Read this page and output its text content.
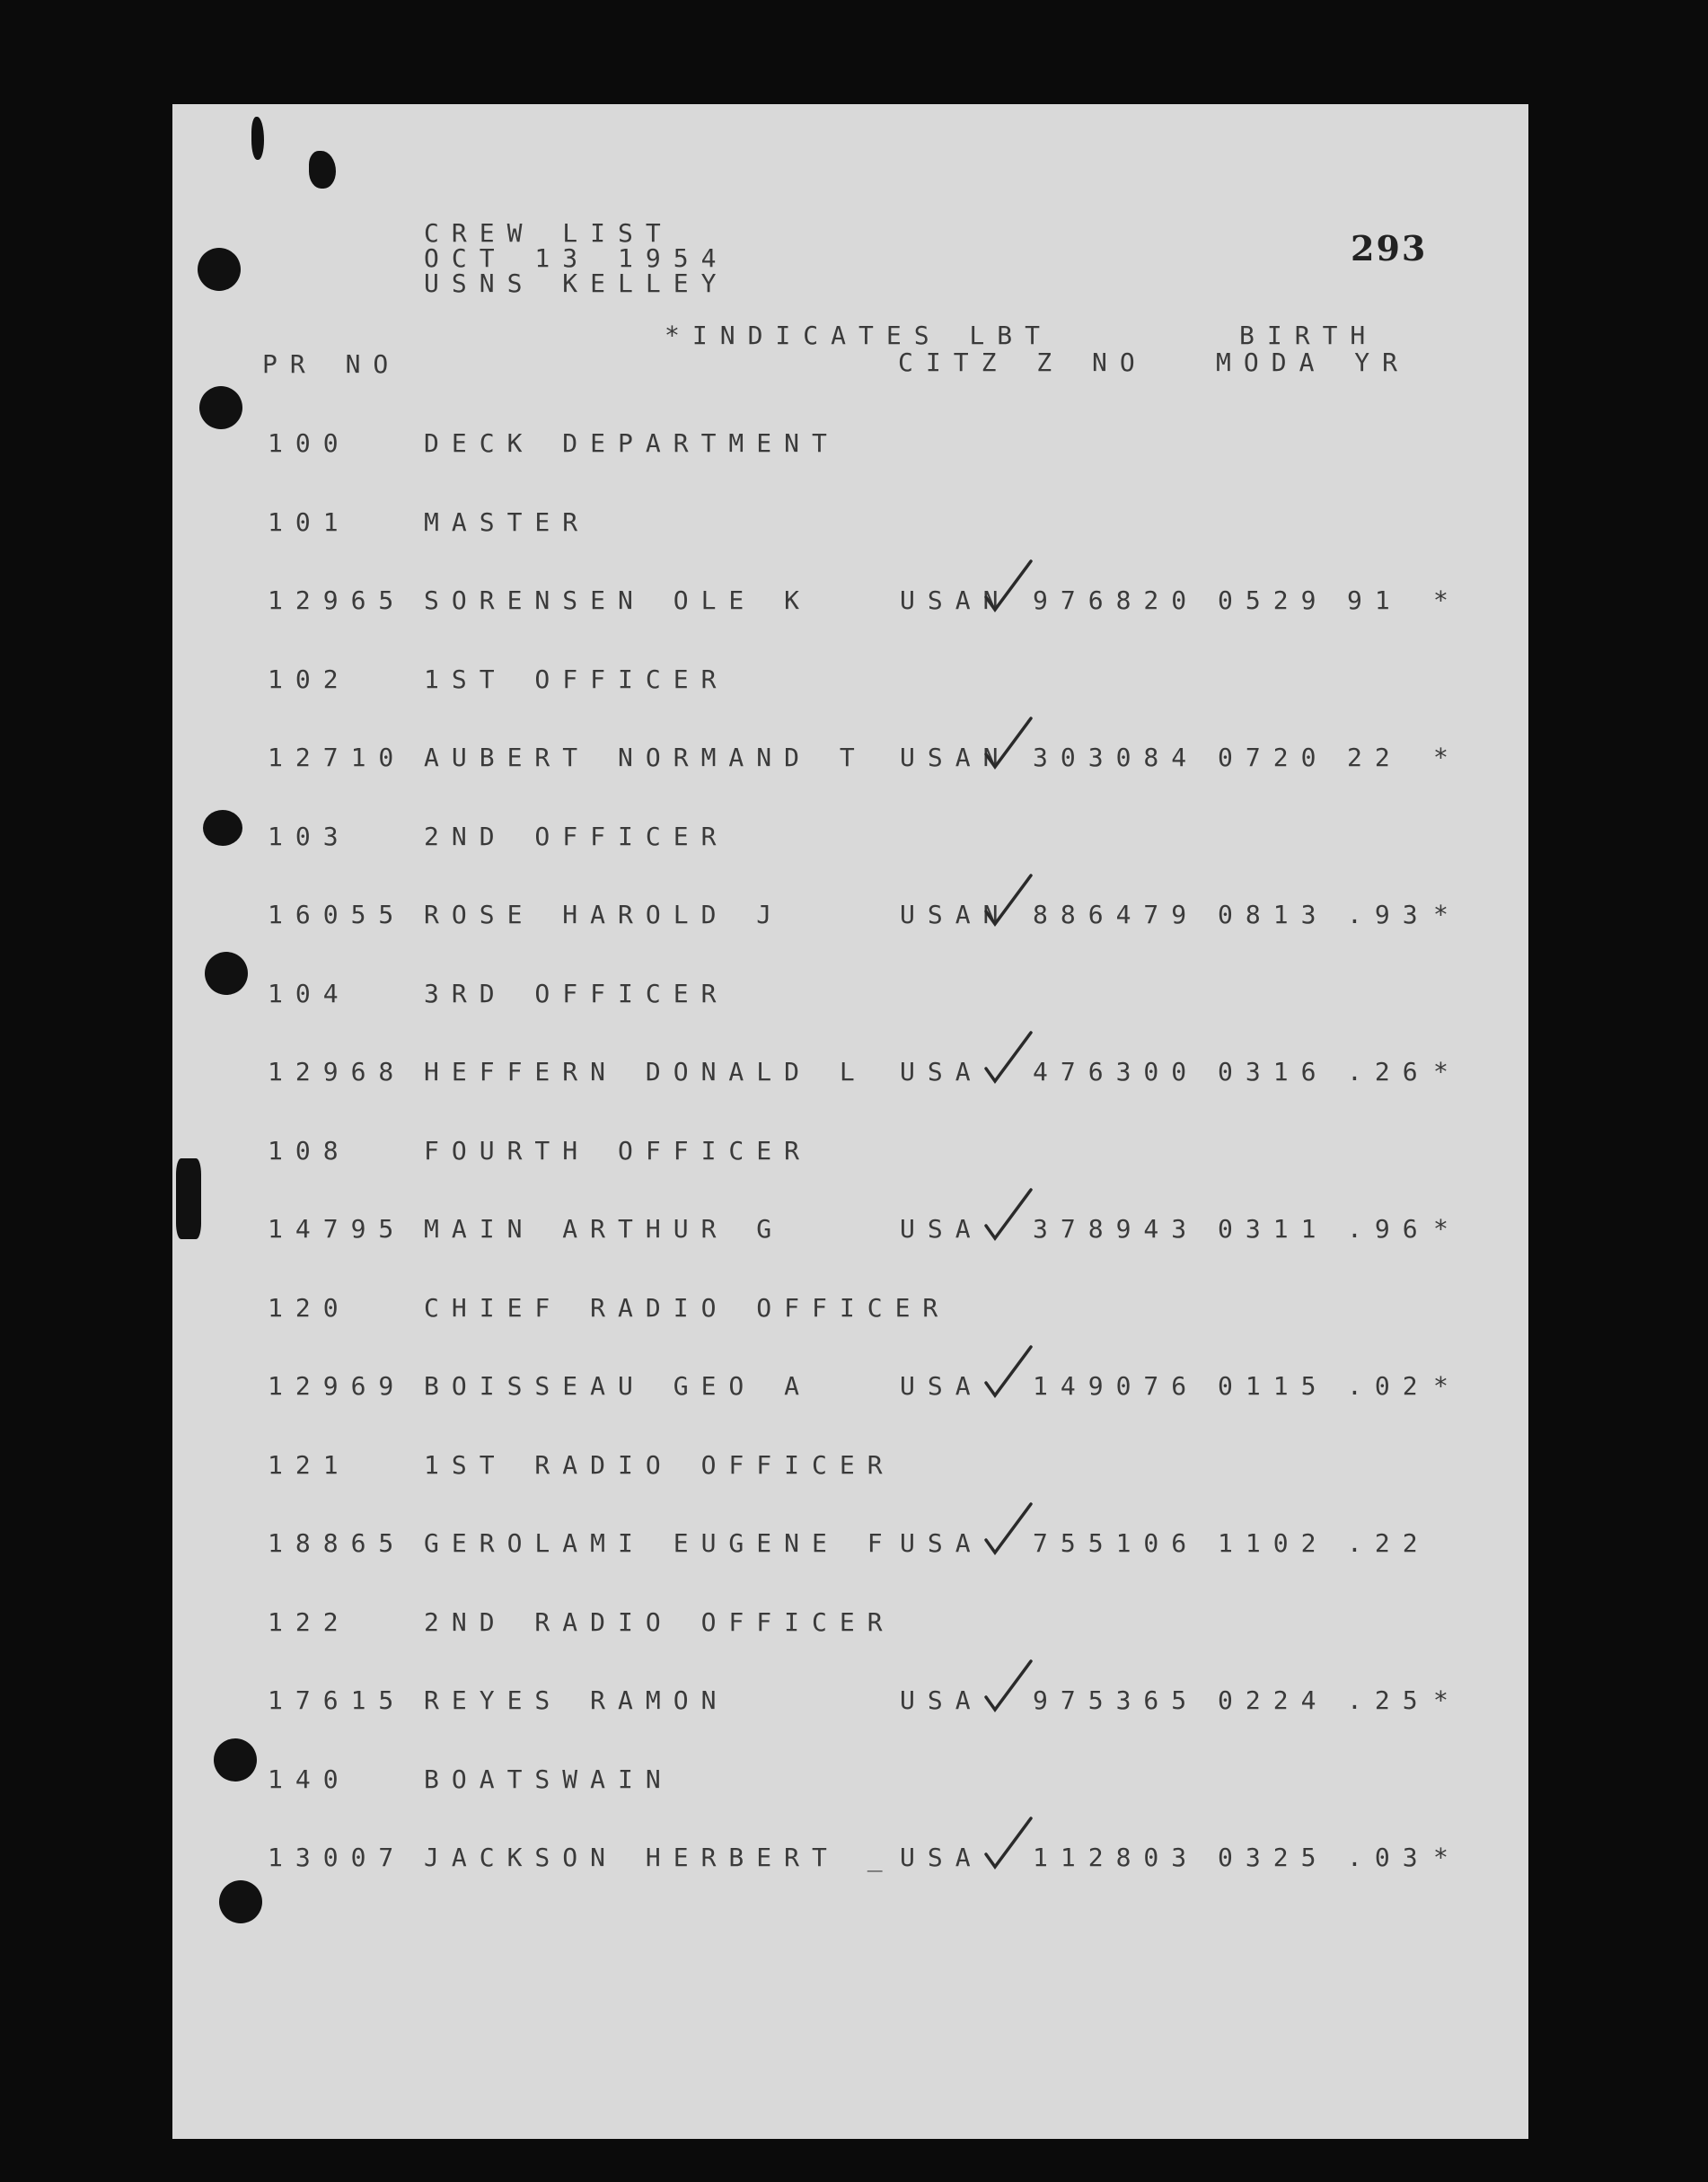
CREW LIST
OCT 13 1954
USNS KELLEY
293
*INDICATES LBT	BIRTH
PR NO	CITZ Z NO	MODA YR
100	DECK DEPARTMENT
101	MASTER
12965 SORENSEN OLE K	USAN 976820 0529 91 *
102	1ST OFFICER
12710 AUBERT NORMAND T USAN 303084 0720 22 *
103	2ND OFFICER
16055 ROSE HAROLD J	USAN 886479 0813 .93 *
104	3RD OFFICER
12968 HEFFERN DONALD L USA 476300 0316 .26 *
108	FOURTH OFFICER
14795 MAIN ARTHUR G	USA 378943 0311 .96 *
120	CHIEF RADIO OFFICER
12969 BOISSEAU GEO A	USA 149076 0115 .02 *
121	1ST RADIO OFFICER
18865 GEROLAMI EUGENE F USA 755106 1102 .22
122	2ND RADIO OFFICER
17615 REYES RAMON	USA 975365 0224 .25 *
140	BOATSWAIN
13007 JACKSON HERBERT _ USA 112803 0325 .03 *
